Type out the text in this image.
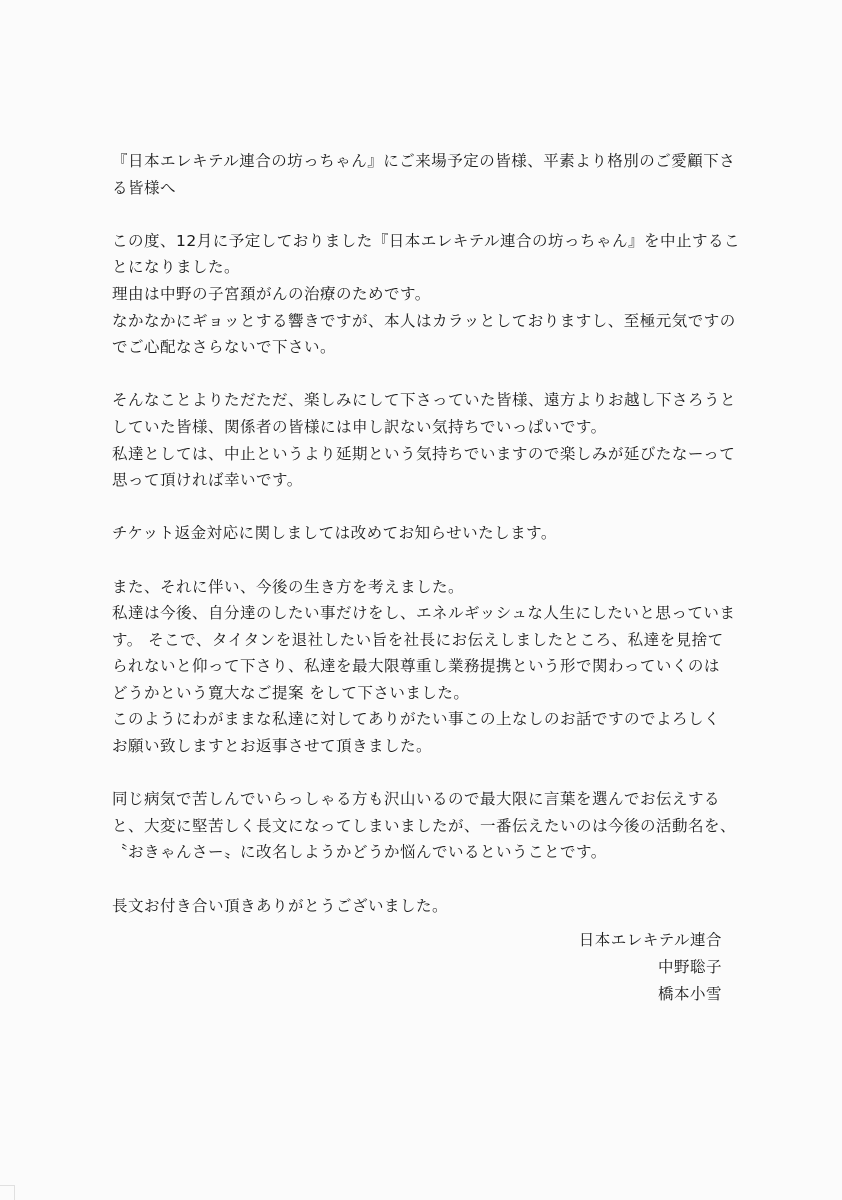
『日本エレキテル連合の坊っちゃん』にご来場予定の皆様、平素より格別のご愛顧下さ
る皆様へ
この度、12月に予定しておりました『日本エレキテル連合の坊っちゃん』を中止するこ
とになりました。
理由は中野の子宮頚がんの治療のためです。
なかなかにギョッとする響きですが、本人はカラッとしておりますし、至極元気ですの
でご心配なさらないで下さい。
そんなことよりただただ、楽しみにして下さっていた皆様、遠方よりお越し下さろうと
していた皆様、関係者の皆様には申し訳ない気持ちでいっぱいです。
私達としては、中止というより延期という気持ちでいますので楽しみが延びたなーって
思って頂ければ幸いです。
チケット返金対応に関しましては改めてお知らせいたします。
また、それに伴い、今後の生き方を考えました。
私達は今後、自分達のしたい事だけをし、エネルギッシュな人生にしたいと思っていま
す。 そこで、タイタンを退社したい旨を社長にお伝えしましたところ、私達を見捨て
られないと仰って下さり、私達を最大限尊重し業務提携という形で関わっていくのは
どうかという寛大なご提案 をして下さいました。
このようにわがままな私達に対してありがたい事この上なしのお話ですのでよろしく
お願い致しますとお返事させて頂きました。
同じ病気で苦しんでいらっしゃる方も沢山いるので最大限に言葉を選んでお伝えする
と、大変に堅苦しく長文になってしまいましたが、一番伝えたいのは今後の活動名を、
〝おきゃんさー〟に改名しようかどうか悩んでいるということです。
長文お付き合い頂きありがとうございました。
日本エレキテル連合
中野聡子
橋本小雪
